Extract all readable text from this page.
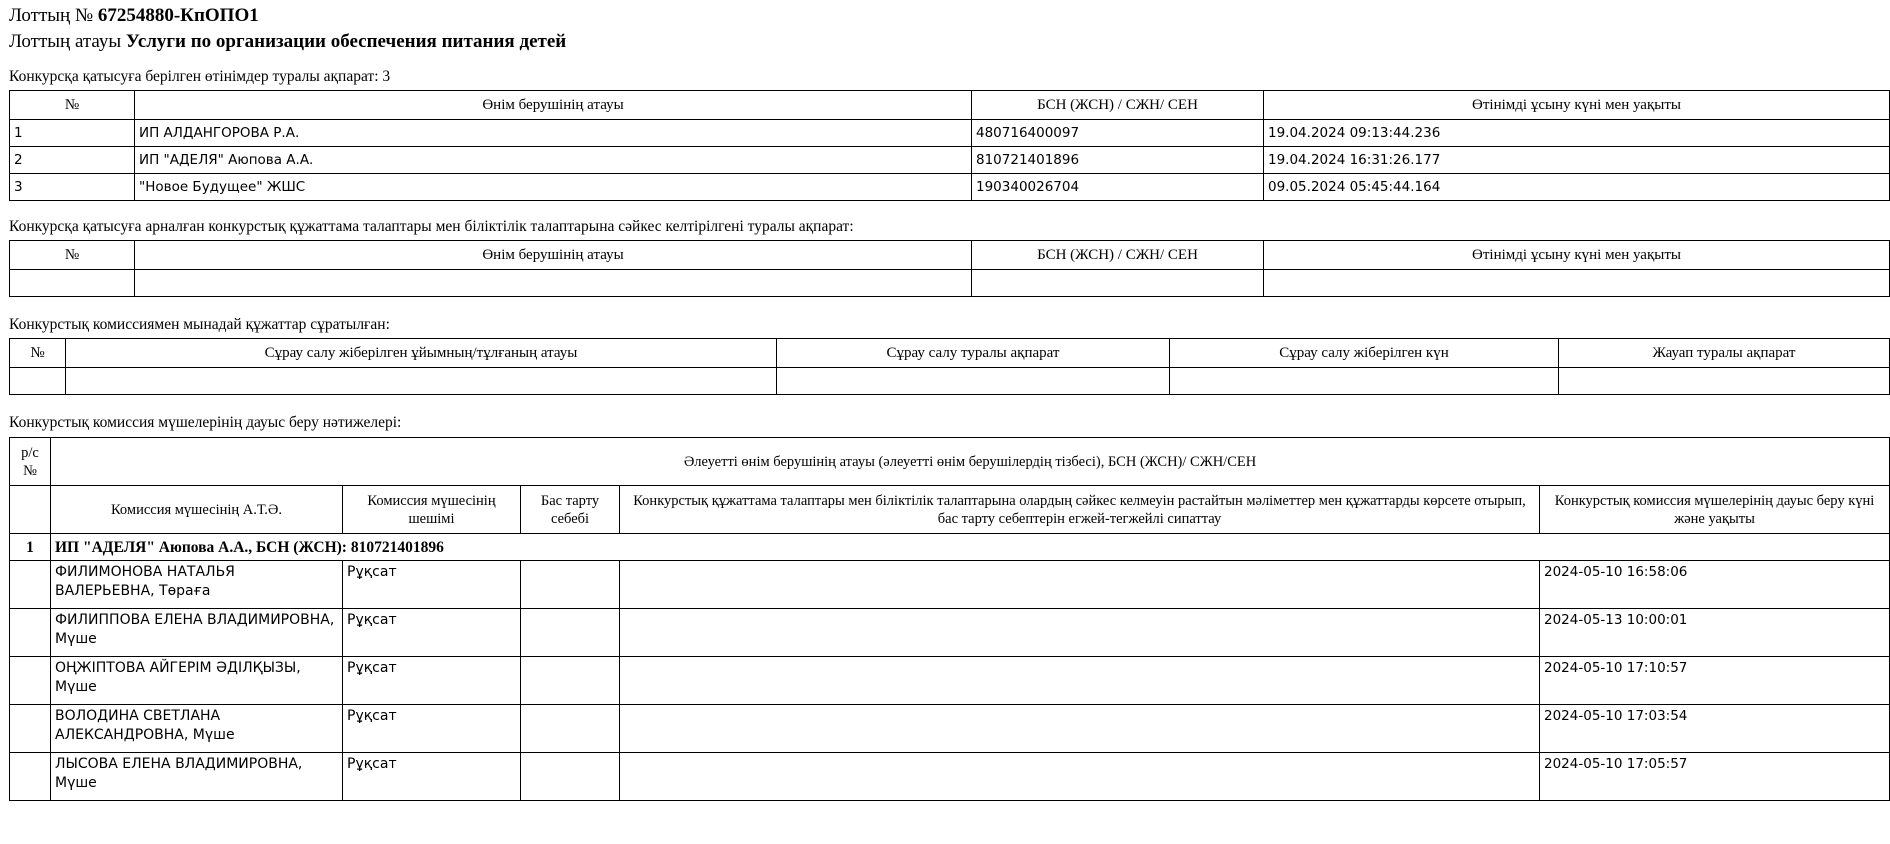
Лоттың № 67254880-КпОПО1

Лоттың атауы Услуги по организации обеспечения питания детей

Конкурсқа қатысуға берілген өтінімдер туралы ақпарат: 3

№	Өнім берушінің атауы	БСН (ЖСН) / СЖН/ СЕН	Өтінімді ұсыну күні мен уақыты
1	ИП АЛДАНГОРОВА Р.А.	480716400097	19.04.2024 09:13:44.236
2	ИП "АДЕЛЯ" Аюпова А.А.	810721401896	19.04.2024 16:31:26.177
3	"Новое Будущее" ЖШС	190340026704	09.05.2024 05:45:44.164

Конкурсқа қатысуға арналған конкурстық құжаттама талаптары мен біліктілік талаптарына сәйкес келтірілгені туралы ақпарат:

№	Өнім берушінің атауы	БСН (ЖСН) / СЖН/ СЕН	Өтінімді ұсыну күні мен уақыты

Конкурстық комиссиямен мынадай құжаттар сұратылған:

№	Сұрау салу жіберілген ұйымның/тұлғаның атауы	Сұрау салу туралы ақпарат	Сұрау салу жіберілген күн	Жауап туралы ақпарат

Конкурстық комиссия мүшелерінің дауыс беру нәтижелері:

р/с №	Әлеуетті өнім берушінің атауы (әлеуетті өнім берушілердің тізбесі), БСН (ЖСН)/ СЖН/СЕН				
	Комиссия мүшесінің А.Т.Ә.	Комиссия мүшесінің шешімі	Бас тарту себебі	Конкурстық құжаттама талаптары мен біліктілік талаптарына олардың сәйкес келмеуін растайтын мәліметтер мен құжаттарды көрсете отырып, бас тарту себептерін егжей-тегжейлі сипаттау	Конкурстық комиссия мүшелерінің дауыс беру күні және уақыты
1	ИП "АДЕЛЯ" Аюпова А.А., БСН (ЖСН): 810721401896				
	ФИЛИМОНОВА НАТАЛЬЯ ВАЛЕРЬЕВНА, Төраға	Рұқсат			2024-05-10 16:58:06
	ФИЛИППОВА ЕЛЕНА ВЛАДИМИРОВНА, Мүше	Рұқсат			2024-05-13 10:00:01
	ОҢЖІПТОВА АЙГЕРІМ ӘДІЛҚЫЗЫ, Мүше	Рұқсат			2024-05-10 17:10:57
	ВОЛОДИНА СВЕТЛАНА АЛЕКСАНДРОВНА, Мүше	Рұқсат			2024-05-10 17:03:54
	ЛЫСОВА ЕЛЕНА ВЛАДИМИРОВНА, Мүше	Рұқсат			2024-05-10 17:05:57
